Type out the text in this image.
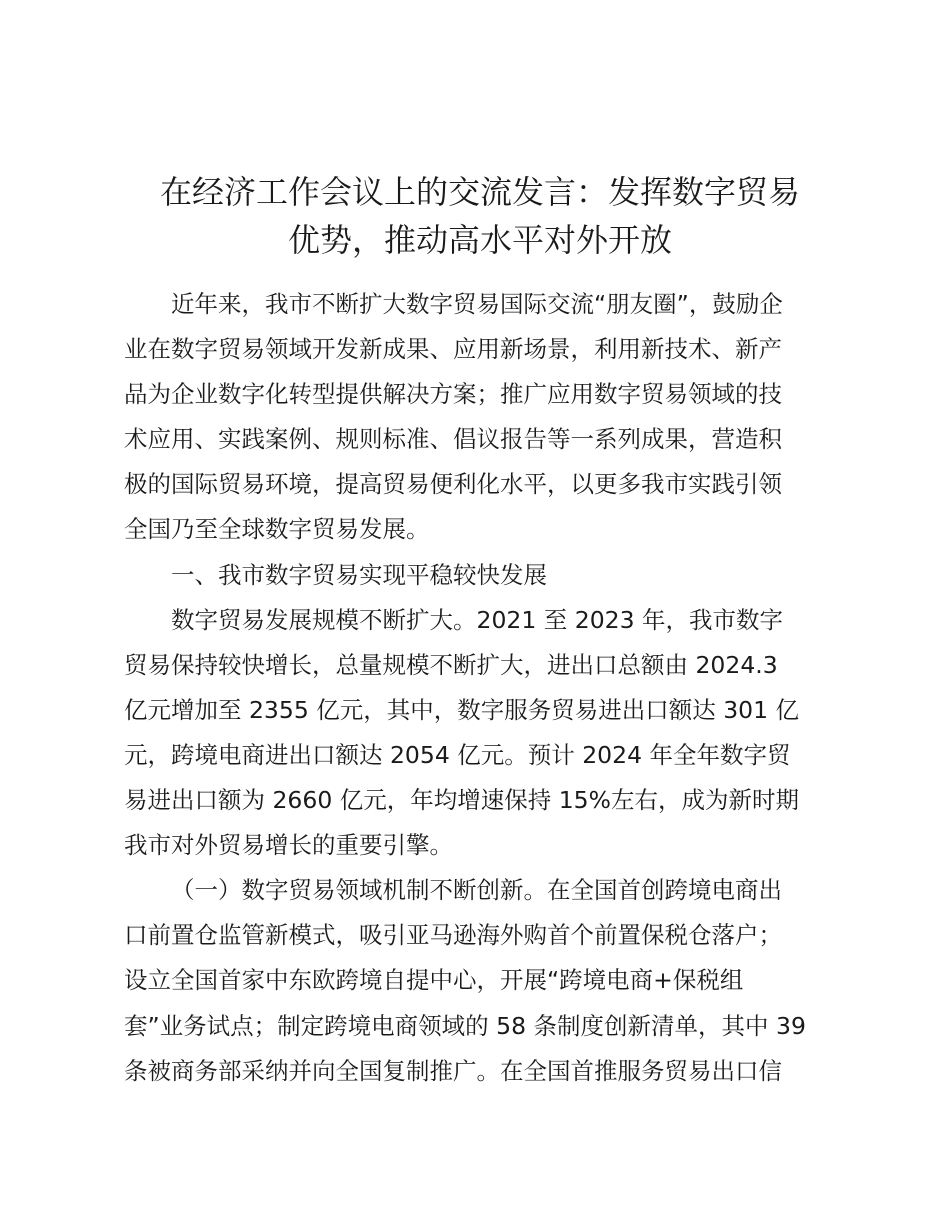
在经济工作会议上的交流发言：发挥数字贸易
优势，推动高水平对外开放

近年来，我市不断扩大数字贸易国际交流“朋友圈”，鼓励企
业在数字贸易领域开发新成果、应用新场景，利用新技术、新产
品为企业数字化转型提供解决方案；推广应用数字贸易领域的技
术应用、实践案例、规则标准、倡议报告等一系列成果，营造积
极的国际贸易环境，提高贸易便利化水平，以更多我市实践引领
全国乃至全球数字贸易发展。

一、我市数字贸易实现平稳较快发展

数字贸易发展规模不断扩大。2021 至 2023 年，我市数字
贸易保持较快增长，总量规模不断扩大，进出口总额由 2024.3
亿元增加至 2355 亿元，其中，数字服务贸易进出口额达 301 亿
元，跨境电商进出口额达 2054 亿元。预计 2024 年全年数字贸
易进出口额为 2660 亿元，年均增速保持 15%左右，成为新时期
我市对外贸易增长的重要引擎。

（一）数字贸易领域机制不断创新。在全国首创跨境电商出
口前置仓监管新模式，吸引亚马逊海外购首个前置保税仓落户；
设立全国首家中东欧跨境自提中心，开展“跨境电商+保税组
套”业务试点；制定跨境电商领域的 58 条制度创新清单，其中 39
条被商务部采纳并向全国复制推广。在全国首推服务贸易出口信
